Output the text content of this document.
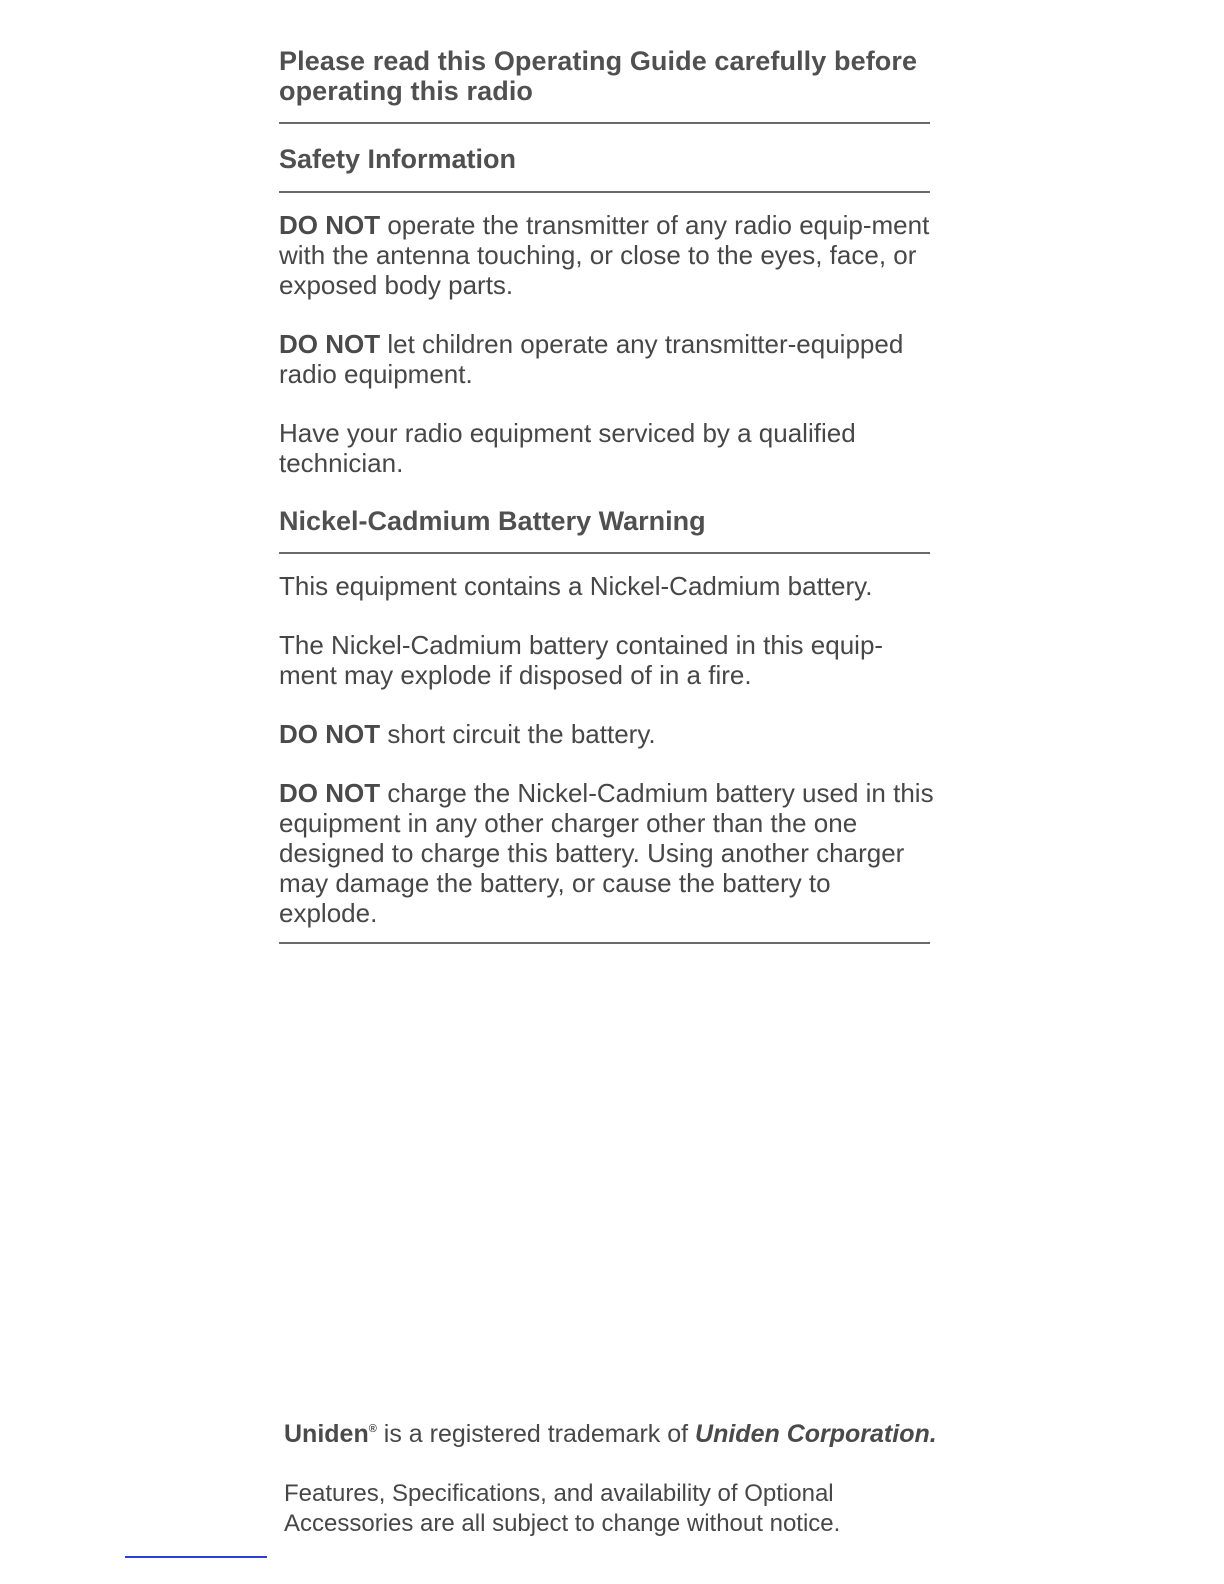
Please read this Operating Guide carefully before operating this radio

Safety Information

DO NOT operate the transmitter of any radio equip-ment with the antenna touching, or close to the eyes, face, or exposed body parts.

DO NOT let children operate any transmitter-equipped radio equipment.

Have your radio equipment serviced by a qualified technician.

Nickel-Cadmium Battery Warning

This equipment contains a Nickel-Cadmium battery.

The Nickel-Cadmium battery contained in this equip-ment may explode if disposed of in a fire.

DO NOT short circuit the battery.

DO NOT charge the Nickel-Cadmium battery used in this equipment in any other charger other than the one designed to charge this battery. Using another charger may damage the battery, or cause the battery to explode.

Uniden® is a registered trademark of Uniden Corporation.

Features, Specifications, and availability of Optional Accessories are all subject to change without notice.
